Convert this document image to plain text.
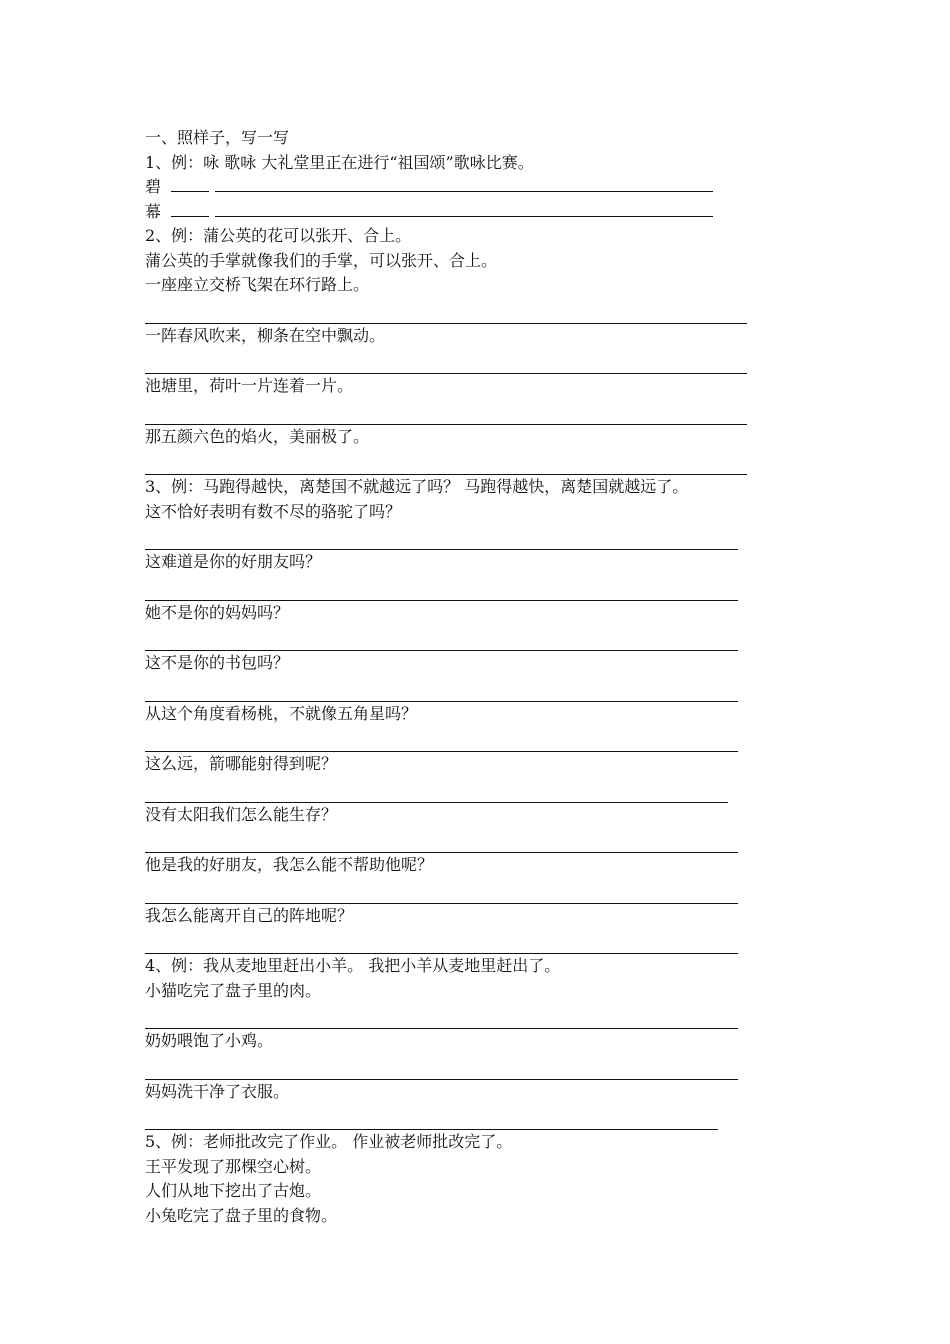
一、照样子，写一写
1、例：咏 歌咏 大礼堂里正在进行“祖国颂”歌咏比赛。
碧
幕
2、例：蒲公英的花可以张开、合上。
蒲公英的手掌就像我们的手掌，可以张开、合上。
一座座立交桥飞架在环行路上。
一阵春风吹来，柳条在空中飘动。
池塘里，荷叶一片连着一片。
那五颜六色的焰火，美丽极了。
3、例：马跑得越快，离楚国不就越远了吗？ 马跑得越快，离楚国就越远了。
这不恰好表明有数不尽的骆驼了吗？
这难道是你的好朋友吗？
她不是你的妈妈吗？
这不是你的书包吗？
从这个角度看杨桃，不就像五角星吗？
这么远，箭哪能射得到呢？
没有太阳我们怎么能生存？
他是我的好朋友，我怎么能不帮助他呢？
我怎么能离开自己的阵地呢？
4、例：我从麦地里赶出小羊。 我把小羊从麦地里赶出了。
小猫吃完了盘子里的肉。
奶奶喂饱了小鸡。
妈妈洗干净了衣服。
5、例：老师批改完了作业。 作业被老师批改完了。
王平发现了那棵空心树。
人们从地下挖出了古炮。
小兔吃完了盘子里的食物。
